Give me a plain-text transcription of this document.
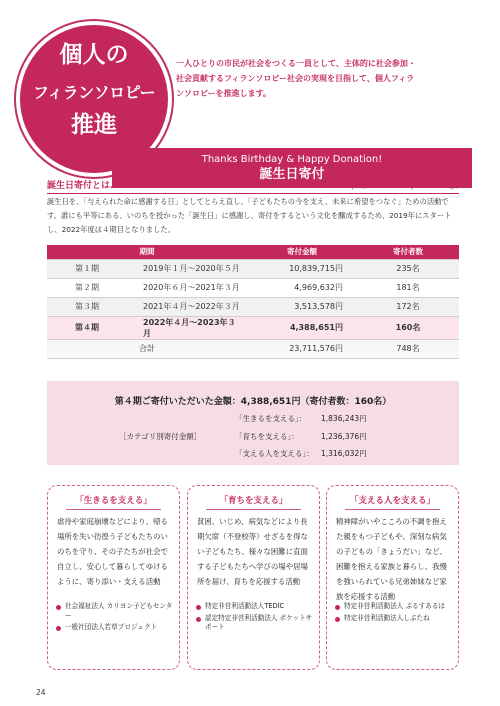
個人の
フィランソロピー
推進
一人ひとりの市民が社会をつくる一員として、主体的に社会参加・社会貢献するフィランソロピー社会の実現を目指して、個人フィランソロピーを推進します。
Thanks Birthday & Happy Donation!
誕生日寄付
誕生日寄付とは…	https://www.birthday-donation.jp/
誕生日を、「与えられた命に感謝する日」としてとらえ直し、「子どもたちの今を支え、未来に希望をつなぐ」ための活動です。誰にも平等にある、いのちを授かった「誕生日」に感謝し、寄付をするという文化を醸成するため、2019年にスタートし、2022年度は４期目となりました。
期間		寄付金額	寄付者数
第１期	2019年１月～2020年５月	10,839,715円	235名
第２期	2020年６月～2021年３月	4,969,632円	181名
第３期	2021年４月～2022年３月	3,513,578円	172名
第４期	2022年４月～2023年３月	4,388,651円	160名
合計		23,711,576円	748名
第４期ご寄付いただいた金額：4,388,651円（寄付者数：160名）
［カテゴリ別寄付金額］
「生きるを支える」： 1,836,243円
「育ちを支える」：	1,236,376円
「支える人を支える」： 1,316,032円
「生きるを支える」
虐待や家庭崩壊などにより、帰る場所を失い彷徨う子どもたちのいのちを守り、その子たちが社会で自立し、安心して暮らしてゆけるように、寄り添い・支える活動
社会福祉法人 カリヨン子どもセンター
一般社団法人若草プロジェクト
「育ちを支える」
貧困、いじめ、病気などにより長期欠席（不登校等）せざるを得ない子どもたち、様々な困難に直面する子どもたちへ学びの場や居場所を届け、育ちを応援する活動
特定非営利活動法人TEDIC
認定特定非営利活動法人 ポケットサポート
「支える人を支える」
精神障がいやこころの不調を抱えた親をもつ子どもや、深刻な病気の子どもの「きょうだい」など、困難を抱える家族と暮らし、我慢を強いられている兄弟姉妹など家族を応援する活動
特定非営利活動法人 ぷるすあるは
特定非営利活動法人しぶたね
24
